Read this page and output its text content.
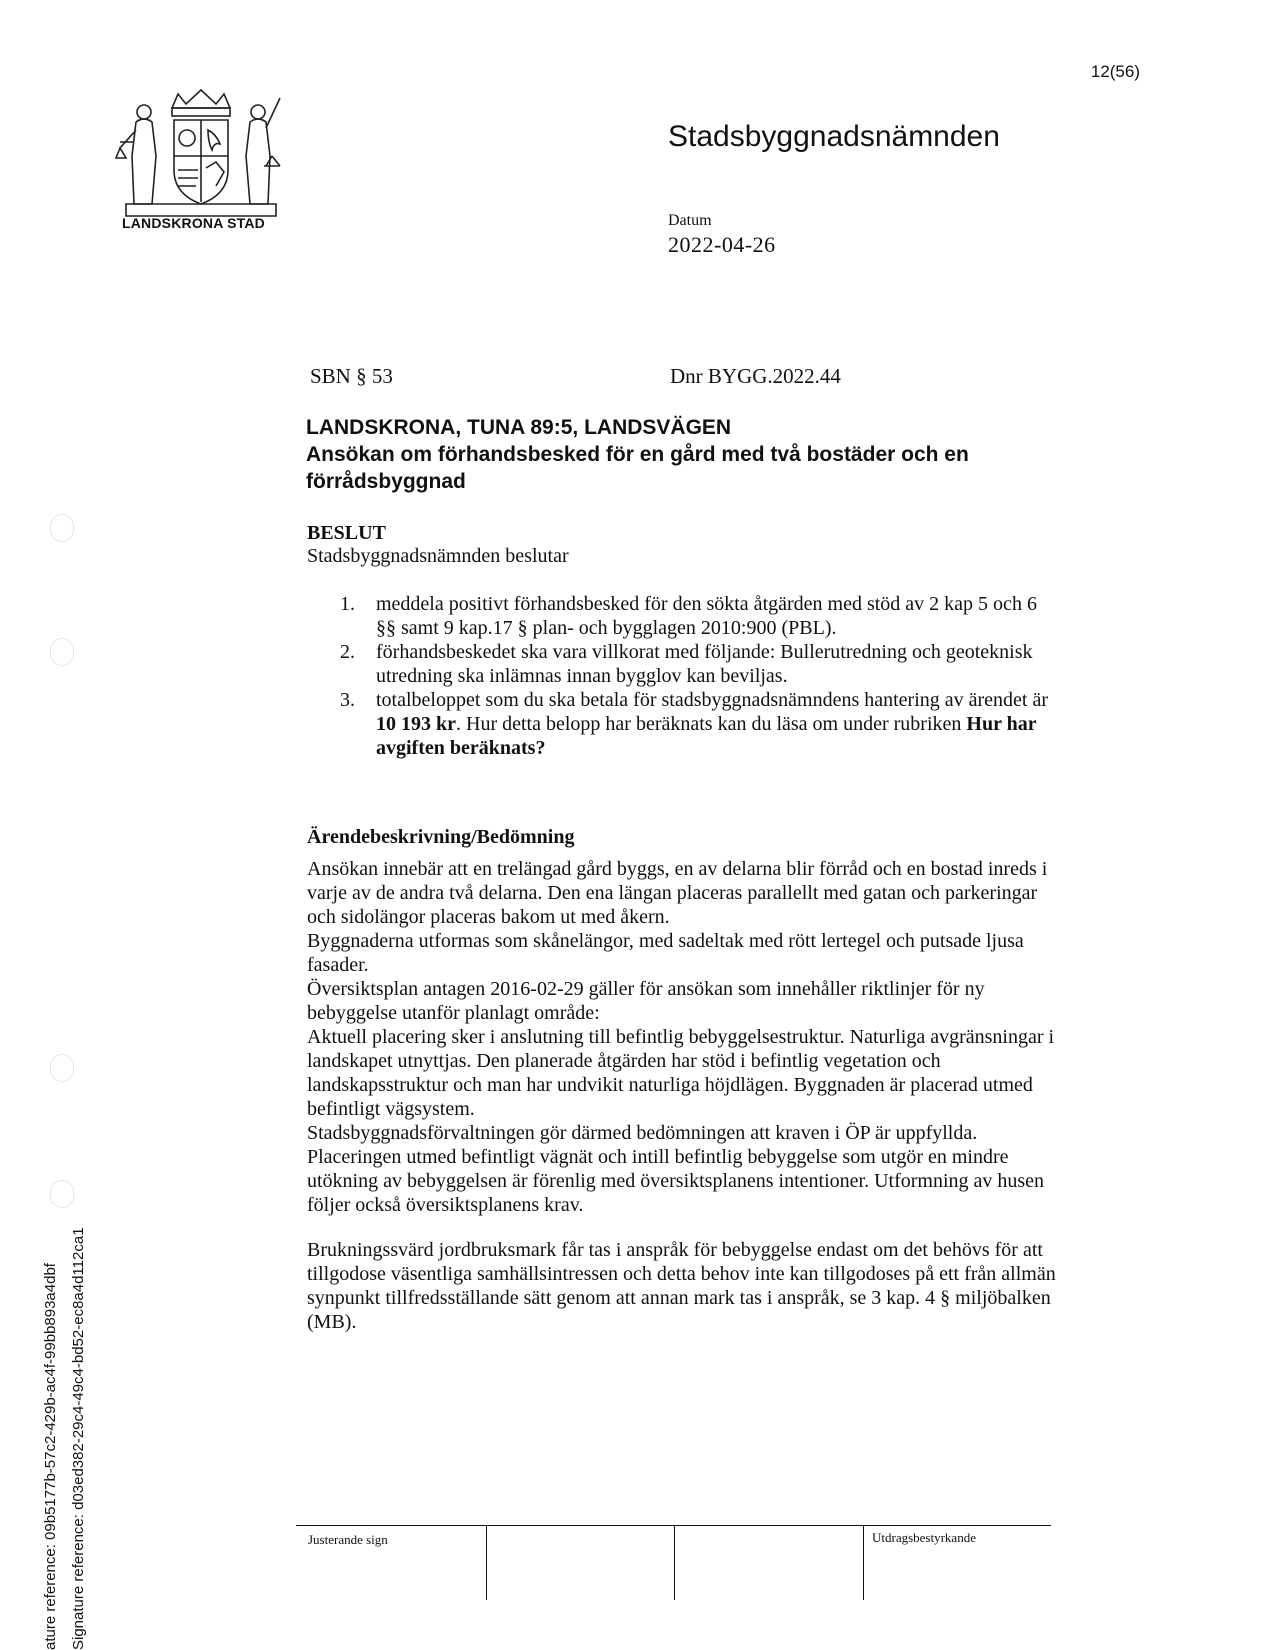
12(56)
LANDSKRONA STAD
Stadsbyggnadsnämnden
Datum
2022-04-26
SBN § 53	Dnr BYGG.2022.44
LANDSKRONA, TUNA 89:5, LANDSVÄGEN
Ansökan om förhandsbesked för en gård med två bostäder och en
förrådsbyggnad
BESLUT
Stadsbyggnadsnämnden beslutar
1. meddela positivt förhandsbesked för den sökta åtgärden med stöd av 2 kap 5 och 6 §§ samt 9 kap.17 § plan- och bygglagen 2010:900 (PBL).
2. förhandsbeskedet ska vara villkorat med följande: Bullerutredning och geoteknisk utredning ska inlämnas innan bygglov kan beviljas.
3. totalbeloppet som du ska betala för stadsbyggnadsnämndens hantering av ärendet är 10 193 kr. Hur detta belopp har beräknats kan du läsa om under rubriken Hur har avgiften beräknats?
Ärendebeskrivning/Bedömning

Ansökan innebär att en trelängad gård byggs, en av delarna blir förråd och en bostad inreds i varje av de andra två delarna. Den ena längan placeras parallellt med gatan och parkeringar och sidolängor placeras bakom ut med åkern.

Byggnaderna utformas som skånelängor, med sadeltak med rött lertegel och putsade ljusa fasader.

Översiktsplan antagen 2016-02-29 gäller för ansökan som innehåller riktlinjer för ny bebyggelse utanför planlagt område:

Aktuell placering sker i anslutning till befintlig bebyggelsestruktur. Naturliga avgränsningar i landskapet utnyttjas. Den planerade åtgärden har stöd i befintlig vegetation och landskapsstruktur och man har undvikit naturliga höjdlägen. Byggnaden är placerad utmed befintligt vägsystem.

Stadsbyggnadsförvaltningen gör därmed bedömningen att kraven i ÖP är uppfyllda.

Placeringen utmed befintligt vägnät och intill befintlig bebyggelse som utgör en mindre utökning av bebyggelsen är förenlig med översiktsplanens intentioner. Utformning av husen följer också översiktsplanens krav.

Brukningssvärd jordbruksmark får tas i anspråk för bebyggelse endast om det behövs för att tillgodose väsentliga samhällsintressen och detta behov inte kan tillgodoses på ett från allmän synpunkt tillfredsställande sätt genom att annan mark tas i anspråk, se 3 kap. 4 § miljöbalken (MB).

ature reference: 09b5177b-57c2-429b-ac4f-99bb893a4dbf Signature reference: d03ed382-29c4-49c4-bd52-ec8a4d112ca1	Justerande sign	Utdragsbestyrkande
